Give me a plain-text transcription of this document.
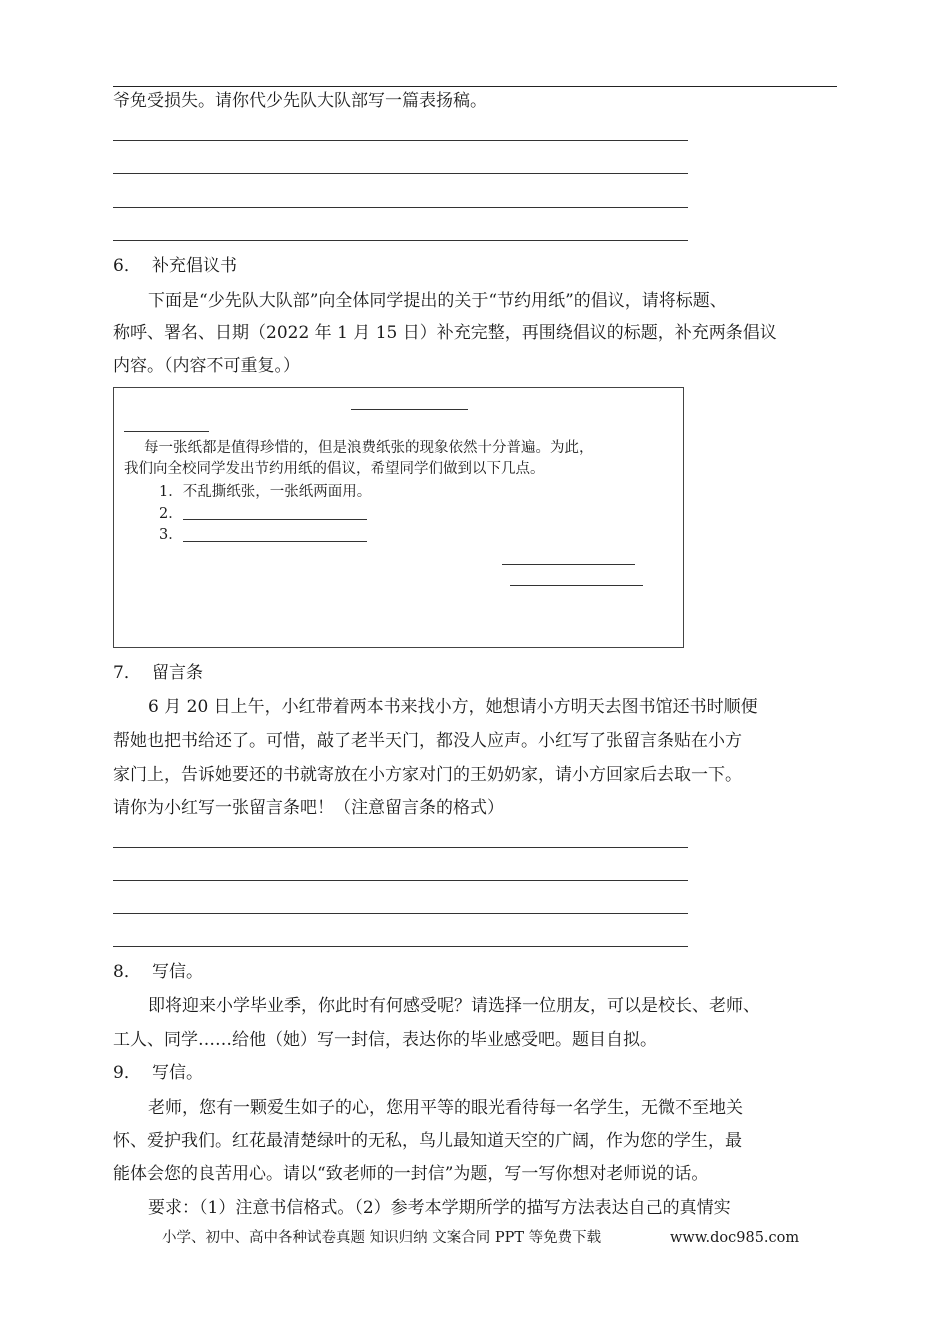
爷免受损失。请你代少先队大队部写一篇表扬稿。
6． 补充倡议书
下面是“少先队大队部”向全体同学提出的关于“节约用纸”的倡议，请将标题、
称呼、署名、日期（2022 年 1 月 15 日）补充完整，再围绕倡议的标题，补充两条倡议
内容。（内容不可重复。）
每一张纸都是值得珍惜的，但是浪费纸张的现象依然十分普遍。为此，
我们向全校同学发出节约用纸的倡议，希望同学们做到以下几点。
1．不乱撕纸张，一张纸两面用。
2．
3．
7． 留言条
6 月 20 日上午，小红带着两本书来找小方，她想请小方明天去图书馆还书时顺便
帮她也把书给还了。可惜，敲了老半天门，都没人应声。小红写了张留言条贴在小方
家门上，告诉她要还的书就寄放在小方家对门的王奶奶家，请小方回家后去取一下。
请你为小红写一张留言条吧！（注意留言条的格式）
8． 写信。
即将迎来小学毕业季，你此时有何感受呢？请选择一位朋友，可以是校长、老师、
工人、同学……给他（她）写一封信，表达你的毕业感受吧。题目自拟。
9． 写信。
老师，您有一颗爱生如子的心，您用平等的眼光看待每一名学生，无微不至地关
怀、爱护我们。红花最清楚绿叶的无私，鸟儿最知道天空的广阔，作为您的学生，最
能体会您的良苦用心。请以“致老师的一封信”为题，写一写你想对老师说的话。
要求：（1）注意书信格式。（2）参考本学期所学的描写方法表达自己的真情实
小学、初中、高中各种试卷真题 知识归纳 文案合同 PPT 等免费下载	www.doc985.com
